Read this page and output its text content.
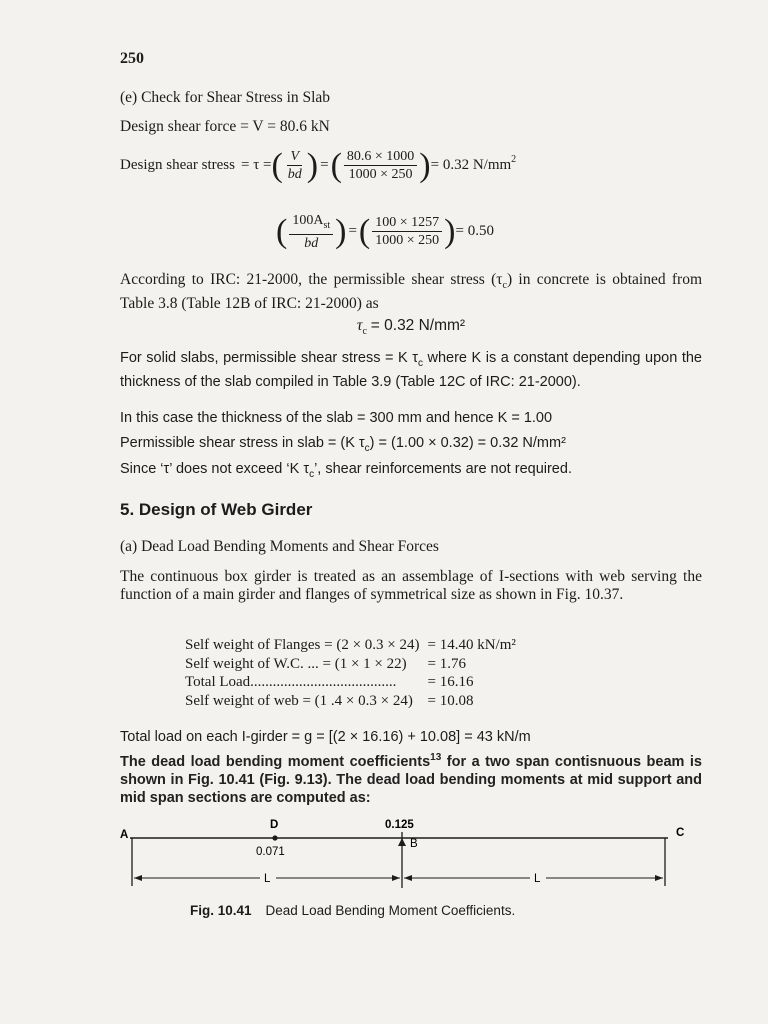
250
(e) Check for Shear Stress in Slab
Design shear force = V = 80.6 kN
Design shear stress = τ = ( $\frac{V}{bd}$ ) = ( $\frac{80.6 \times 1000}{1000 \times 250}$ ) = 0.32 $N/mm^2$
( $\frac{100A_{st}}{bd}$ ) = ( $\frac{100 \times 1257}{1000 \times 250}$ ) = 0.50
According to IRC: 21-2000, the permissible shear stress $(\tau_c)$ in concrete is obtained from Table 3.8 (Table 12B of IRC: 21-2000) as
$\tau_c = 0.32$ N/mm²
For solid slabs, permissible shear stress = K $\tau_c$ where K is a constant depending upon the thickness of the slab compiled in Table 3.9 (Table 12C of IRC: 21-2000).
In this case the thickness of the slab = 300 mm and hence K = 1.00
Permissible shear stress in slab = (K $\tau_c) = (1.00 \times 0.32) = 0.32$ N/mm²
Since ‘τ’ does not exceed ‘K $\tau_c$’, shear reinforcements are not required.
5. Design of Web Girder
(a) Dead Load Bending Moments and Shear Forces
The continuous box girder is treated as an assemblage of I-sections with web serving the function of a main girder and flanges of symmetrical size as shown in Fig. 10.37.
Self weight of Flanges = (2 × 0.3 × 24)	= 14.40 kN/m²
Self weight of W.C. ... = (1 × 1 × 22)	= 1.76
Total Load.......................................	= 16.16
Self weight of web = (1 .4 × 0.3 × 24)	= 10.08
Total load on each I-girder = g = [(2 × 16.16) + 10.08] = 43 kN/m
The dead load bending moment coefficients$^{13}$ for a two span contisnuous beam is shown in Fig. 10.41 (Fig. 9.13). The dead load bending moments at mid support and mid span sections are computed as:
A
D	0.125
C
0.071
B
L	L
Fig. 10.41 Dead Load Bending Moment Coefficients.
